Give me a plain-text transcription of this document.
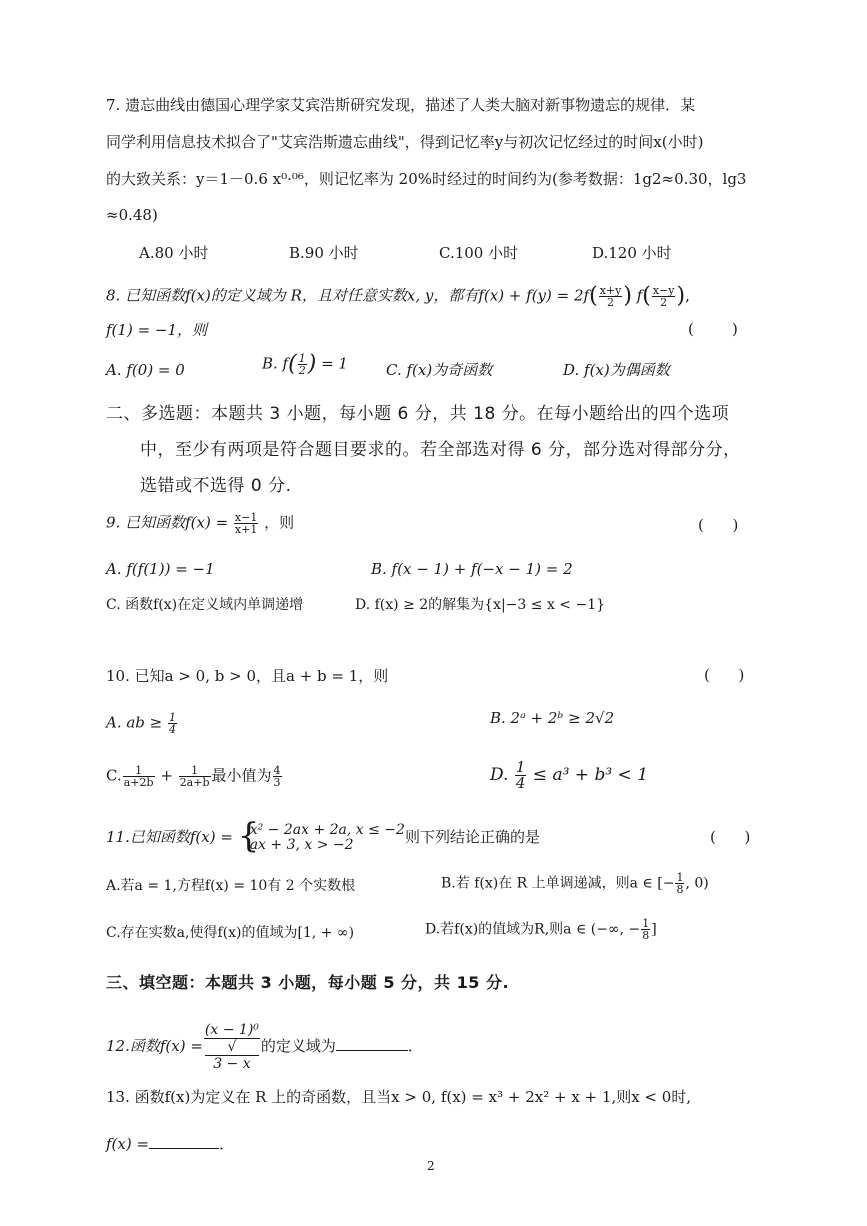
7. 遗忘曲线由德国心理学家艾宾浩斯研究发现，描述了人类大脑对新事物遗忘的规律．某
同学利用信息技术拟合了"艾宾浩斯遗忘曲线"，得到记忆率y与初次记忆经过的时间x(小时)
的大致关系：y＝1－0.6 x⁰·⁰⁶，则记忆率为 20%时经过的时间约为(参考数据：1g2≈0.30，lg3
≈0.48)
A.80 小时	B.90 小时	C.100 小时	D.120 小时
8. 已知函数f(x)的定义域为 R，且对任意实数x, y，都有$f(x) + f(y) = 2f( \frac{x+y}{2}$ ) $f( \frac{x-y}{2}$ ),
f(1) = −1，则	(        )
A. f(0) = 0	B. $f( \frac{1}{2}$ ) = 1	C. f(x)为奇函数	D. f(x)为偶函数
二、多选题：本题共 3 小题，每小题 6 分，共 18 分。在每小题给出的四个选项
中，至少有两项是符合题目要求的。若全部选对得 6 分，部分选对得部分分，
选错或不选得 0 分.
9. 已知函数$f(x) = \frac{x-1}{x+1}$ ，则	(      )
A. f(f(1)) = −1	B. f(x − 1) + f(−x − 1) = 2
C. 函数f(x)在定义域内单调递增	D. f(x) ≥ 2的解集为{x|−3 ≤ x < −1}
10. 已知a > 0, b > 0，且a + b = 1，则	(      )
A. ab ≥ $\frac{1}{4}$	B. 2ᵃ + 2ᵇ ≥ 2√2
C. $\frac{1}{a+2b} + \frac{1}{2a+b}$ 最小值为 $\frac{4}{3}$	D. $\frac{1}{4} \le a^3 + b^3 < 1$
11.已知函数f(x) = {
x² − 2ax + 2a, x ≤ −2
ax + 3, x > −2	则下列结论正确的是	(      )
A.若a = 1,方程f(x) = 10有 2 个实数根	B.若 f(x)在 R 上单调递减，则a ∈ [− $\frac{1}{8}$ , 0)
C.存在实数a,使得f(x)的值域为[1, + ∞)	D.若f(x)的值域为R,则a ∈ (−∞, − $\frac{1}{8}$ ]
三、填空题：本题共 3 小题，每小题 5 分，共 15 分.
12.函数f(x) = (x − 1)⁰
√
3 − x 的定义域为	．
13. 函数f(x)为定义在 R 上的奇函数，且当x > 0, f(x) = x³ + 2x² + x + 1,则x < 0时,
f(x) =	．
2
